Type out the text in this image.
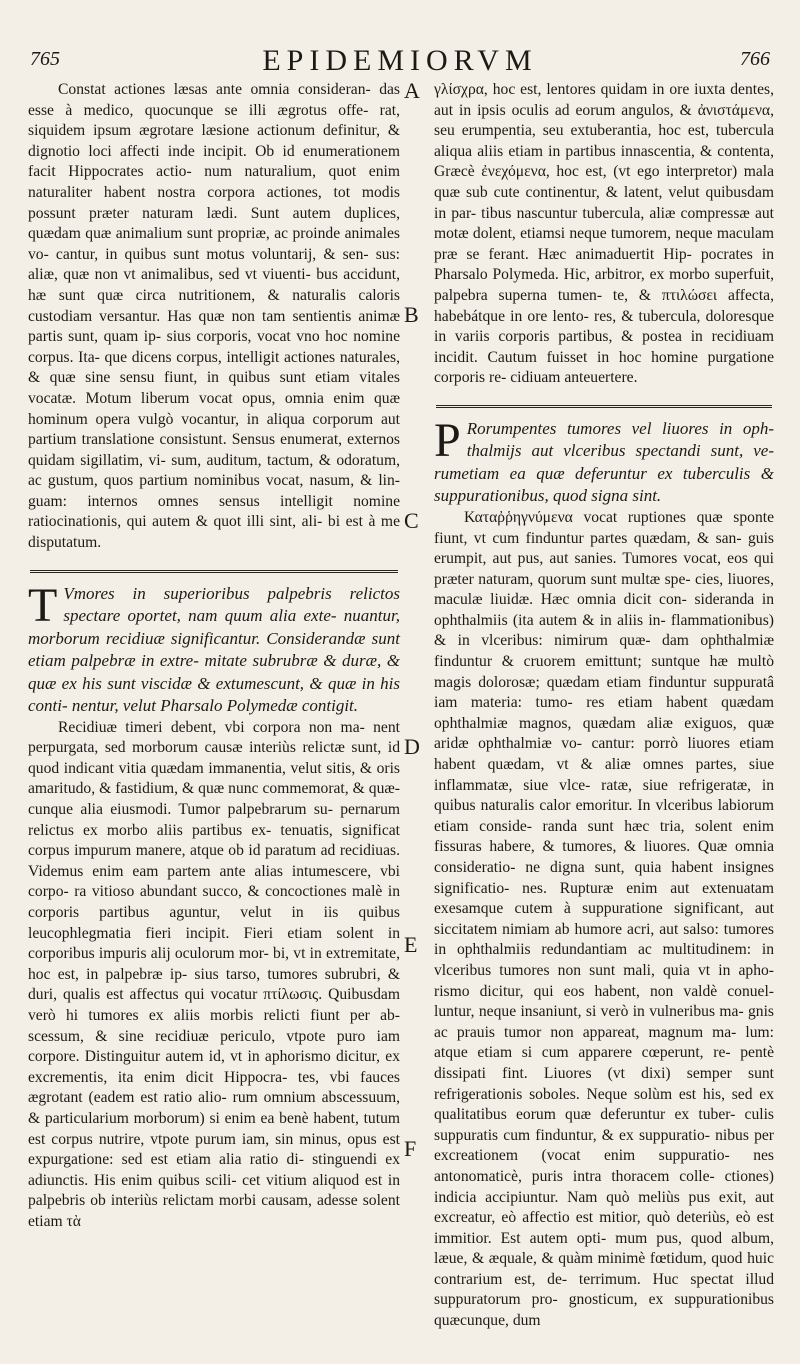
765	EPIDEMIORVM	766
A
B
C
D
E
F

Constat actiones læsas ante omnia consideran- das esse à medico, quocunque se illi ægrotus offe- rat, siquidem ipsum ægrotare læsione actionum definitur, & dignotio loci affecti inde incipit. Ob id enumerationem facit Hippocrates actio- num naturalium, quot enim naturaliter habent nostra corpora actiones, tot modis possunt præter naturam lædi. Sunt autem duplices, quædam quæ animalium sunt propriæ, ac proinde animales vo- cantur, in quibus sunt motus voluntarij, & sen- sus: aliæ, quæ non vt animalibus, sed vt viuenti- bus accidunt, hæ sunt quæ circa nutritionem, & naturalis caloris custodiam versantur. Has quæ non tam sentientis animæ partis sunt, quam ip- sius corporis, vocat vno hoc nomine corpus. Ita- que dicens corpus, intelligit actiones naturales, & quæ sine sensu fiunt, in quibus sunt etiam vitales vocatæ. Motum liberum vocat opus, omnia enim quæ hominum opera vulgò vocantur, in aliqua corporum aut partium translatione consistunt. Sensus enumerat, externos quidam sigillatim, vi- sum, auditum, tactum, & odoratum, ac gustum, quos partium nominibus vocat, nasum, & lin- guam: internos omnes sensus intelligit nomine ratiocinationis, qui autem & quot illi sint, ali- bi est à me disputatum.

T Vmores in superioribus palpebris relictos spectare oportet, nam quum alia exte- nuantur, morborum recidiuæ significantur. Considerandæ sunt etiam palpebræ in extre- mitate subrubræ & duræ, & quæ ex his sunt viscidæ & extumescunt, & quæ in his conti- nentur, velut Pharsalo Polymedæ contigit.

Recidiuæ timeri debent, vbi corpora non ma- nent perpurgata, sed morborum causæ interiùs relictæ sunt, id quod indicant vitia quædam immanentia, velut sitis, & oris amaritudo, & fastidium, & quæ nunc commemorat, & quæ- cunque alia eiusmodi. Tumor palpebrarum su- pernarum relictus ex morbo aliis partibus ex- tenuatis, significat corpus impurum manere, atque ob id paratum ad recidiuas. Videmus enim eam partem ante alias intumescere, vbi corpo- ra vitioso abundant succo, & concoctiones malè in corporis partibus aguntur, velut in iis quibus leucophlegmatia fieri incipit. Fieri etiam solent in corporibus impuris alij oculorum mor- bi, vt in extremitate, hoc est, in palpebræ ip- sius tarso, tumores subrubri, & duri, qualis est affectus qui vocatur πτίλωσις. Quibusdam verò hi tumores ex aliis morbis relicti fiunt per ab- scessum, & sine recidiuæ periculo, vtpote puro iam corpore. Distinguitur autem id, vt in aphorismo dicitur, ex excrementis, ita enim dicit Hippocra- tes, vbi fauces ægrotant (eadem est ratio alio- rum omnium abscessuum, & particularium morborum) si enim ea benè habent, tutum est corpus nutrire, vtpote purum iam, sin minus, opus est expurgatione: sed est etiam alia ratio di- stinguendi ex adiunctis. His enim quibus scili- cet vitium aliquod est in palpebris ob interiùs relictam morbi causam, adesse solent etiam τὰ

γλίσχρα, hoc est, lentores quidam in ore iuxta dentes, aut in ipsis oculis ad eorum angulos, & ἀνιστάμενα, seu erumpentia, seu extuberantia, hoc est, tubercula aliqua aliis etiam in partibus innascentia, & contenta, Græcè ἐνεχόμενα, hoc est, (vt ego interpretor) mala quæ sub cute continentur, & latent, velut quibusdam in par- tibus nascuntur tubercula, aliæ compressæ aut motæ dolent, etiamsi neque tumorem, neque maculam præ se ferant. Hæc animaduertit Hip- pocrates in Pharsalo Polymeda. Hic, arbitror, ex morbo superfuit, palpebra superna tumen- te, & πτιλώσει affecta, habebátque in ore lento- res, & tubercula, doloresque in variis corporis partibus, & postea in recidiuam incidit. Cautum fuisset in hoc homine purgatione corporis re- cidiuam anteuertere.

P Rorumpentes tumores vel liuores in oph- thalmijs aut vlceribus spectandi sunt, ve- rumetiam ea quæ deferuntur ex tuberculis & suppurationibus, quod signa sint.

Καταῤῥηγνύμενα vocat ruptiones quæ sponte fiunt, vt cum finduntur partes quædam, & san- guis erumpit, aut pus, aut sanies. Tumores vocat, eos qui præter naturam, quorum sunt multæ spe- cies, liuores, maculæ liuidæ. Hæc omnia dicit con- sideranda in ophthalmiis (ita autem & in aliis in- flammationibus) & in vlceribus: nimirum quæ- dam ophthalmiæ finduntur & cruorem emittunt; suntque hæ multò magis dolorosæ; quædam etiam finduntur suppuratâ iam materia: tumo- res etiam habent quædam ophthalmiæ magnos, quædam aliæ exiguos, quæ aridæ ophthalmiæ vo- cantur: porrò liuores etiam habent quædam, vt & aliæ omnes partes, siue inflammatæ, siue vlce- ratæ, siue refrigeratæ, in quibus naturalis calor emoritur. In vlceribus labiorum etiam conside- randa sunt hæc tria, solent enim fissuras habere, & tumores, & liuores. Quæ omnia consideratio- ne digna sunt, quia habent insignes significatio- nes. Rupturæ enim aut extenuatam exesamque cutem à suppuratione significant, aut siccitatem nimiam ab humore acri, aut salso: tumores in ophthalmiis redundantiam ac multitudinem: in vlceribus tumores non sunt mali, quia vt in apho- rismo dicitur, qui eos habent, non valdè conuel- luntur, neque insaniunt, si verò in vulneribus ma- gnis ac prauis tumor non appareat, magnum ma- lum: atque etiam si cum apparere cœperunt, re- pentè dissipati fint. Liuores (vt dixi) semper sunt refrigerationis soboles. Neque solùm est his, sed ex qualitatibus eorum quæ deferuntur ex tuber- culis suppuratis cum finduntur, & ex suppuratio- nibus per excreationem (vocat enim suppuratio- nes antonomaticè, puris intra thoracem colle- ctiones) indicia accipiuntur. Nam quò meliùs pus exit, aut excreatur, eò affectio est mitior, quò deteriùs, eò est immitior. Est autem opti- mum pus, quod album, læue, & æquale, & quàm minimè fœtidum, quod huic contrarium est, de- terrimum. Huc spectat illud suppuratorum pro- gnosticum, ex suppurationibus quæcunque, dum
